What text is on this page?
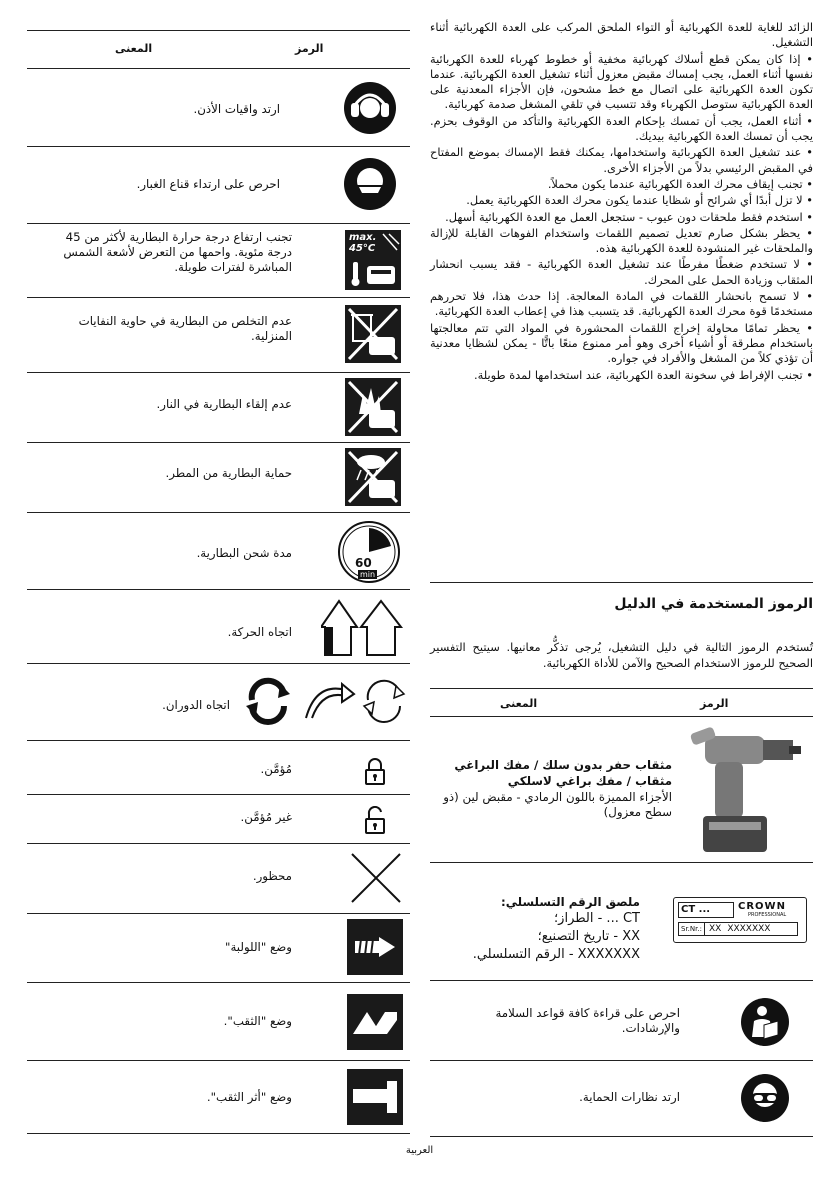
الزائد للغاية للعدة الكهربائية أو التواء الملحق المركب على العدة الكهربائية أثناء التشغيل.

• إذا كان يمكن قطع أسلاك كهربائية مخفية أو خطوط كهرباء للعدة الكهربائية نفسها أثناء العمل، يجب إمساك مقبض معزول أثناء تشغيل العدة الكهربائية. عندما تكون العدة الكهربائية على اتصال مع خط مشحون، فإن الأجزاء المعدنية على العدة الكهربائية ستوصل الكهرباء وقد تتسبب في تلقي المشغل صدمة كهربائية.

• أثناء العمل، يجب أن تمسك بإحكام العدة الكهربائية والتأكد من الوقوف بحزم. يجب أن تمسك العدة الكهربائية بيديك.

• عند تشغيل العدة الكهربائية واستخدامها، يمكنك فقط الإمساك بموضع المفتاح في المقبض الرئيسي بدلاً من الأجزاء الأخرى.

• تجنب إيقاف محرك العدة الكهربائية عندما يكون محملاً.

• لا تزل أبدًا أي شرائح أو شظايا عندما يكون محرك العدة الكهربائية يعمل.

• استخدم فقط ملحقات دون عيوب - ستجعل العمل مع العدة الكهربائية أسهل.

• يحظر بشكل صارم تعديل تصميم اللقمات واستخدام الفوهات القابلة للإزالة والملحقات غير المنشودة للعدة الكهربائية هذه.

• لا تستخدم ضغطًا مفرطًا عند تشغيل العدة الكهربائية - فقد يسبب انحشار المثقاب وزيادة الحمل على المحرك.

• لا تسمح بانحشار اللقمات في المادة المعالجة. إذا حدث هذا، فلا تحررهم مستخدمًا قوة محرك العدة الكهربائية. قد يتسبب هذا في إعطاب العدة الكهربائية.

• يحظر تمامًا محاولة إخراج اللقمات المحشورة في المواد التي تتم معالجتها باستخدام مطرقة أو أشياء أخرى وهو أمر ممنوع منعًا باتًّا - يمكن لشظايا معدنية أن تؤذي كلاً من المشغل والأفراد في جواره.

• تجنب الإفراط في سخونة العدة الكهربائية، عند استخدامها لمدة طويلة.

الرموز المستخدمة في الدليل
تُستخدم الرموز التالية في دليل التشغيل، يُرجى تذكُّر معانيها. سيتيح التفسير الصحيح للرموز الاستخدام الصحيح والآمن للأداة الكهربائية.
الرمز
المعنى
مثقاب حفر بدون سلك / مفك البراغي
مثقاب / مفك براغي لاسلكي
الأجزاء المميزة باللون الرمادي - مقبض لين (ذو سطح معزول)
CT ...	CROWN
PROFESSIONAL
Sr.Nr.: XX XXXXXXX
ملصق الرقم التسلسلي:
CT ... - الطراز؛
XX - تاريخ التصنيع؛
XXXXXXX - الرقم التسلسلي.
احرص على قراءة كافة قواعد السلامة والإرشادات.
ارتد نظارات الحماية.
الرمز
المعنى
ارتد واقيات الأذن.
احرص على ارتداء قناع الغبار.
max.
45°C
تجنب ارتفاع درجة حرارة البطارية لأكثر من 45 درجة مئوية. واحمها من التعرض لأشعة الشمس المباشرة لفترات طويلة.
عدم التخلص من البطارية في حاوية النفايات المنزلية.
عدم إلقاء البطارية في النار.
حماية البطارية من المطر.
60
min
مدة شحن البطارية.
اتجاه الحركة.
اتجاه الدوران.
مُؤمَّن.
غير مُؤمَّن.
محظور.
وضع "اللولبة"
وضع "الثقب".
وضع "أثر الثقب".
العربية
